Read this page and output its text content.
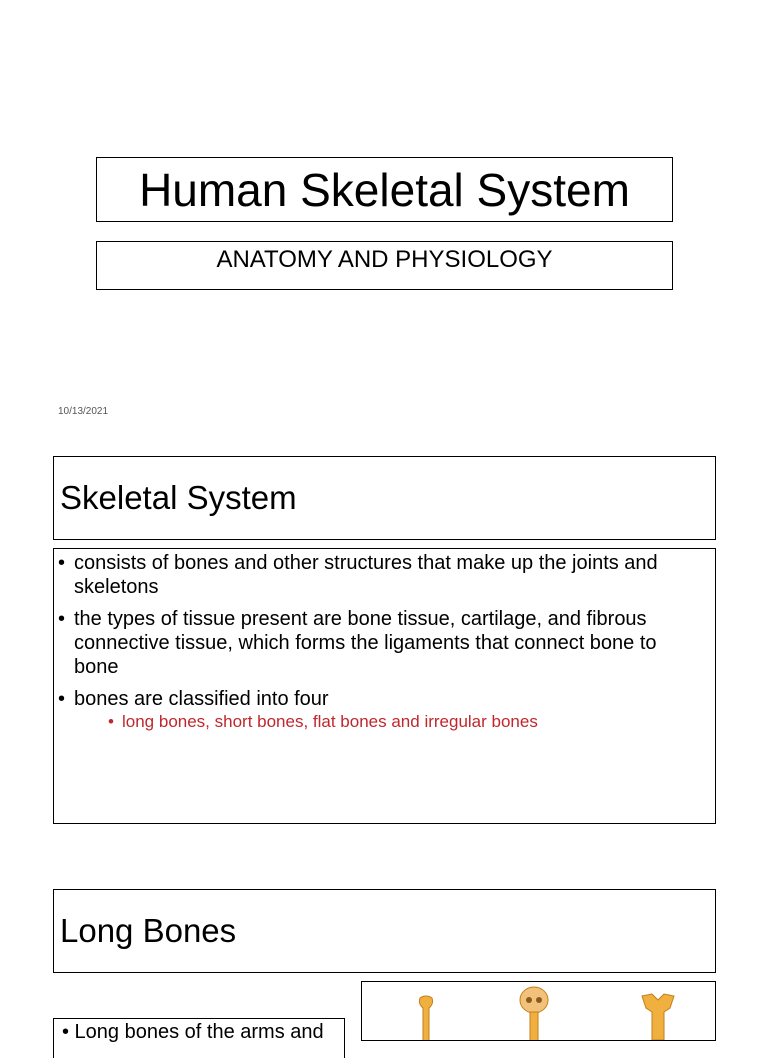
Human Skeletal System
ANATOMY AND PHYSIOLOGY
10/13/2021
Skeletal System
• consists of bones and other structures that make up the joints and skeletons
• the types of tissue present are bone tissue, cartilage, and fibrous connective tissue, which forms the ligaments that connect bone to bone
• bones are classified into four
• long bones, short bones, flat bones and irregular bones
Long Bones
• Long bones of the arms and
